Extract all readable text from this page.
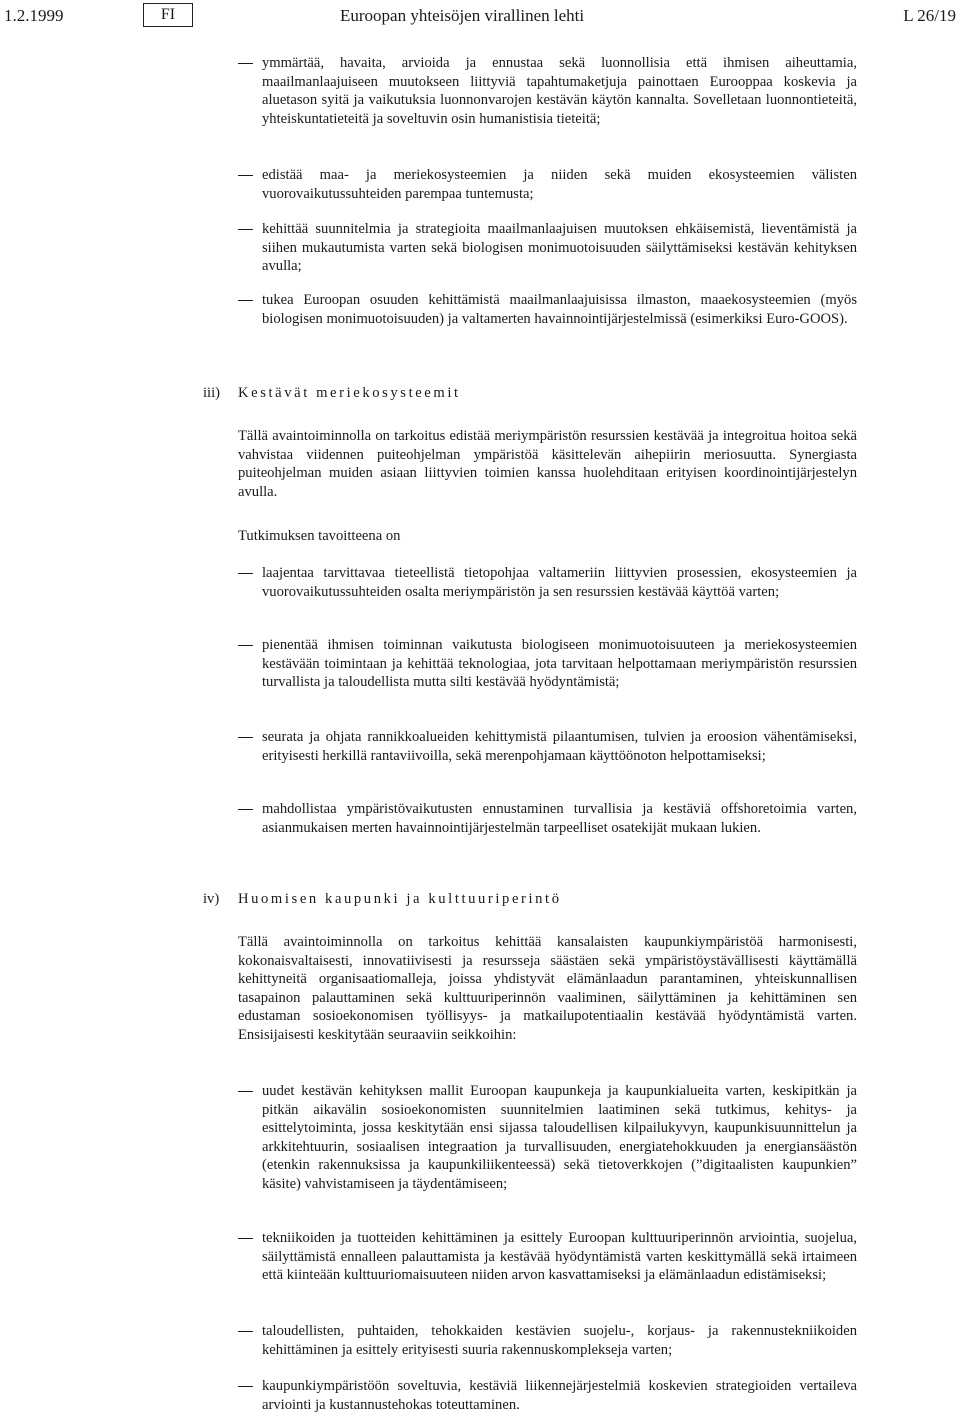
1.2.1999	FI	Euroopan yhteisöjen virallinen lehti	L 26/19
ymmärtää, havaita, arvioida ja ennustaa sekä luonnollisia että ihmisen aiheuttamia, maailmanlaajuiseen muutokseen liittyviä tapahtumaketjuja painottaen Eurooppaa koskevia ja aluetason syitä ja vaikutuksia luonnonvarojen kestävän käytön kannalta. Sovelletaan luonnontieteitä, yhteiskuntatieteitä ja soveltuvin osin humanistisia tieteitä;
edistää maa- ja meriekosysteemien ja niiden sekä muiden ekosysteemien välisten vuorovaikutussuhteiden parempaa tuntemusta;
kehittää suunnitelmia ja strategioita maailmanlaajuisen muutoksen ehkäisemistä, lieventämistä ja siihen mukautumista varten sekä biologisen monimuotoisuuden säilyttämiseksi kestävän kehityksen avulla;
tukea Euroopan osuuden kehittämistä maailmanlaajuisissa ilmaston, maaekosysteemien (myös biologisen monimuotoisuuden) ja valtamerten havainnointijärjestelmissä (esimerkiksi Euro-GOOS).
iii) Kestävät meriekosysteemit
Tällä avaintoiminnolla on tarkoitus edistää meriympäristön resurssien kestävää ja integroitua hoitoa sekä vahvistaa viidennen puiteohjelman ympäristöä käsittelevän aihepiirin meriosuutta. Synergiasta puiteohjelman muiden asiaan liittyvien toimien kanssa huolehditaan erityisen koordinointijärjestelyn avulla.
Tutkimuksen tavoitteena on
laajentaa tarvittavaa tieteellistä tietopohjaa valtameriin liittyvien prosessien, ekosysteemien ja vuorovaikutussuhteiden osalta meriympäristön ja sen resurssien kestävää käyttöä varten;
pienentää ihmisen toiminnan vaikutusta biologiseen monimuotoisuuteen ja meriekosysteemien kestävään toimintaan ja kehittää teknologiaa, jota tarvitaan helpottamaan meriympäristön resurssien turvallista ja taloudellista mutta silti kestävää hyödyntämistä;
seurata ja ohjata rannikkoalueiden kehittymistä pilaantumisen, tulvien ja eroosion vähentämiseksi, erityisesti herkillä rantaviivoilla, sekä merenpohjamaan käyttöönoton helpottamiseksi;
mahdollistaa ympäristövaikutusten ennustaminen turvallisia ja kestäviä offshoretoimia varten, asianmukaisen merten havainnointijärjestelmän tarpeelliset osatekijät mukaan lukien.
iv) Huomisen kaupunki ja kulttuuriperintö
Tällä avaintoiminnolla on tarkoitus kehittää kansalaisten kaupunkiympäristöä harmonisesti, kokonaisvaltaisesti, innovatiivisesti ja resursseja säästäen sekä ympäristöystävällisesti käyttämällä kehittyneitä organisaatiomalleja, joissa yhdistyvät elämänlaadun parantaminen, yhteiskunnallisen tasapainon palauttaminen sekä kulttuuriperinnön vaaliminen, säilyttäminen ja kehittäminen sen edustaman sosioekonomisen työllisyys- ja matkailupotentiaalin kestävää hyödyntämistä varten. Ensisijaisesti keskitytään seuraaviin seikkoihin:
uudet kestävän kehityksen mallit Euroopan kaupunkeja ja kaupunkialueita varten, keskipitkän ja pitkän aikavälin sosioekonomisten suunnitelmien laatiminen sekä tutkimus, kehitys- ja esittelytoiminta, jossa keskitytään ensi sijassa taloudellisen kilpailukyvyn, kaupunkisuunnittelun ja arkkitehtuurin, sosiaalisen integraation ja turvallisuuden, energiatehokkuuden ja energiansäästön (etenkin rakennuksissa ja kaupunkiliikenteessä) sekä tietoverkkojen (”digitaalisten kaupunkien” käsite) vahvistamiseen ja täydentämiseen;
tekniikoiden ja tuotteiden kehittäminen ja esittely Euroopan kulttuuriperinnön arviointia, suojelua, säilyttämistä ennalleen palauttamista ja kestävää hyödyntämistä varten keskittymällä sekä irtaimeen että kiinteään kulttuuriomaisuuteen niiden arvon kasvattamiseksi ja elämänlaadun edistämiseksi;
taloudellisten, puhtaiden, tehokkaiden kestävien suojelu-, korjaus- ja rakennustekniikoiden kehittäminen ja esittely erityisesti suuria rakennuskomplekseja varten;
kaupunkiympäristöön soveltuvia, kestäviä liikennejärjestelmiä koskevien strategioiden vertaileva arviointi ja kustannustehokas toteuttaminen.
